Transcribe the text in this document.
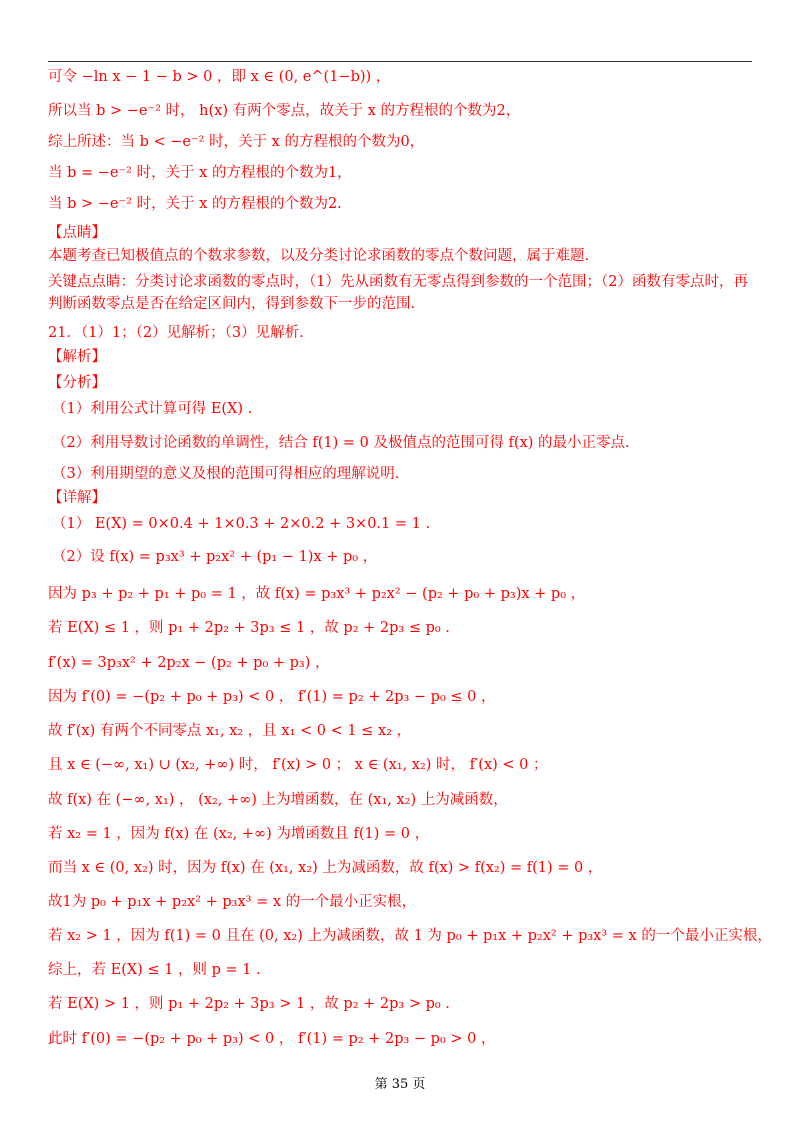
可令 −ln x − 1 − b > 0 ，即 x ∈ (0, e^(1−b)) ，
所以当 b > −e⁻² 时， h(x) 有两个零点，故关于 x 的方程根的个数为2，
综上所述：当 b < −e⁻² 时，关于 x 的方程根的个数为0，
当 b = −e⁻² 时，关于 x 的方程根的个数为1，
当 b > −e⁻² 时，关于 x 的方程根的个数为2.
【点睛】
本题考查已知极值点的个数求参数，以及分类讨论求函数的零点个数问题，属于难题.
关键点点睛：分类讨论求函数的零点时，（1）先从函数有无零点得到参数的一个范围；（2）函数有零点时，再判断函数零点是否在给定区间内，得到参数下一步的范围.
21．（1）1；（2）见解析；（3）见解析.
【解析】
【分析】
（1）利用公式计算可得 E(X) .
（2）利用导数讨论函数的单调性，结合 f(1) = 0 及极值点的范围可得 f(x) 的最小正零点.
（3）利用期望的意义及根的范围可得相应的理解说明.
【详解】
（1） E(X) = 0×0.4 + 1×0.3 + 2×0.2 + 3×0.1 = 1 .
（2）设 f(x) = p₃x³ + p₂x² + (p₁ − 1)x + p₀ ，
因为 p₃ + p₂ + p₁ + p₀ = 1 ，故 f(x) = p₃x³ + p₂x² − (p₂ + p₀ + p₃)x + p₀ ，
若 E(X) ≤ 1 ，则 p₁ + 2p₂ + 3p₃ ≤ 1 ，故 p₂ + 2p₃ ≤ p₀ .
f′(x) = 3p₃x² + 2p₂x − (p₂ + p₀ + p₃) ，
因为 f′(0) = −(p₂ + p₀ + p₃) < 0 ， f′(1) = p₂ + 2p₃ − p₀ ≤ 0 ，
故 f′(x) 有两个不同零点 x₁, x₂ ，且 x₁ < 0 < 1 ≤ x₂ ，
且 x ∈ (−∞, x₁) ∪ (x₂, +∞) 时， f′(x) > 0 ； x ∈ (x₁, x₂) 时， f′(x) < 0 ；
故 f(x) 在 (−∞, x₁) ， (x₂, +∞) 上为增函数，在 (x₁, x₂) 上为减函数，
若 x₂ = 1 ，因为 f(x) 在 (x₂, +∞) 为增函数且 f(1) = 0 ，
而当 x ∈ (0, x₂) 时，因为 f(x) 在 (x₁, x₂) 上为减函数，故 f(x) > f(x₂) = f(1) = 0 ，
故1为 p₀ + p₁x + p₂x² + p₃x³ = x 的一个最小正实根，
若 x₂ > 1 ，因为 f(1) = 0 且在 (0, x₂) 上为减函数，故 1 为 p₀ + p₁x + p₂x² + p₃x³ = x 的一个最小正实根，
综上，若 E(X) ≤ 1 ，则 p = 1 .
若 E(X) > 1 ，则 p₁ + 2p₂ + 3p₃ > 1 ，故 p₂ + 2p₃ > p₀ .
此时 f′(0) = −(p₂ + p₀ + p₃) < 0 ， f′(1) = p₂ + 2p₃ − p₀ > 0 ，
第 35 页
